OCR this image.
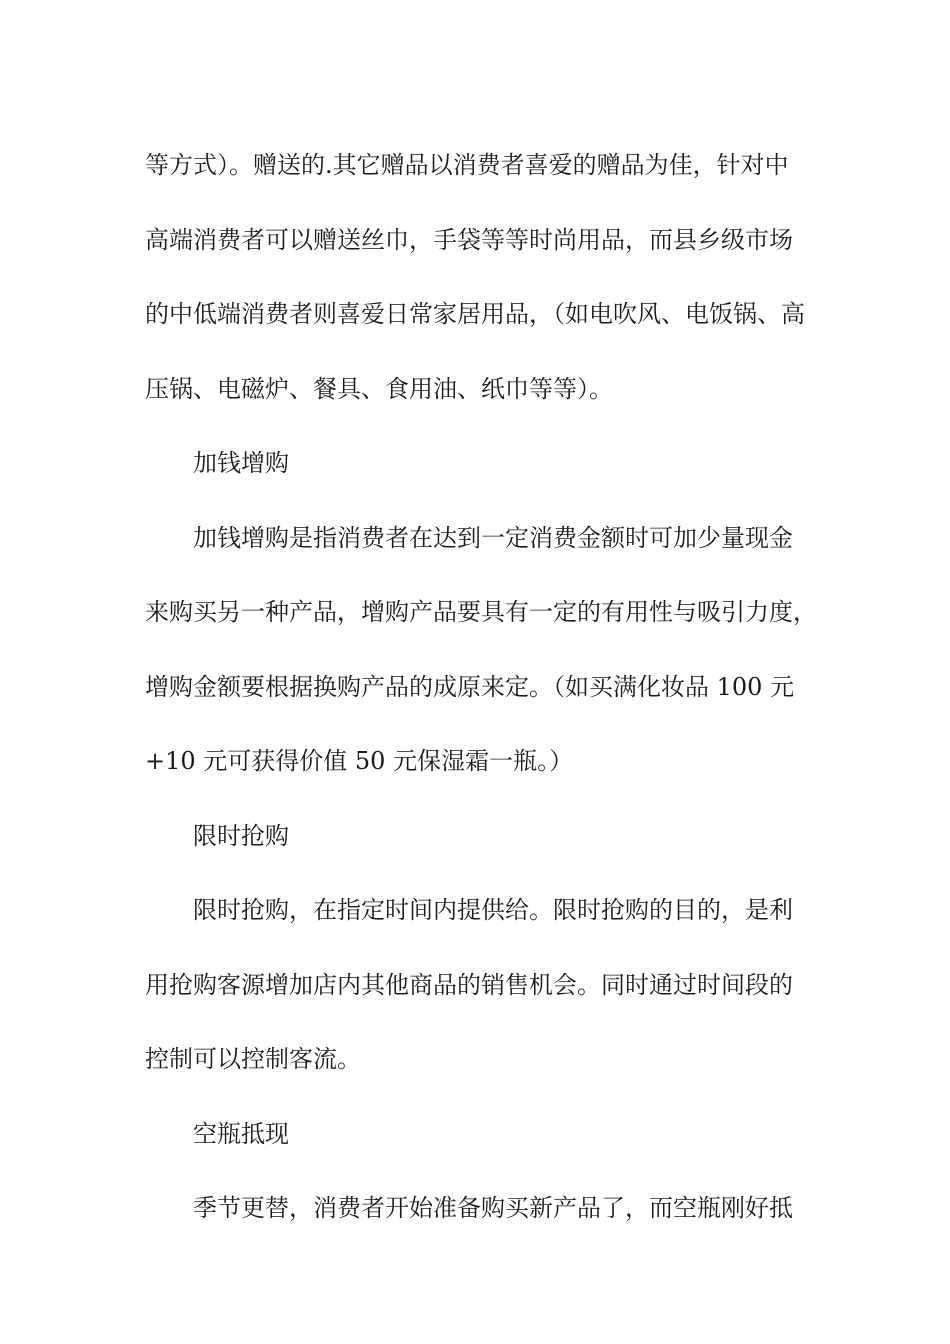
等方式）。赠送的.其它赠品以消费者喜爱的赠品为佳，针对中
高端消费者可以赠送丝巾，手袋等等时尚用品，而县乡级市场
的中低端消费者则喜爱日常家居用品，（如电吹风、电饭锅、高
压锅、电磁炉、餐具、食用油、纸巾等等）。
加钱增购
加钱增购是指消费者在达到一定消费金额时可加少量现金
来购买另一种产品，增购产品要具有一定的有用性与吸引力度，
增购金额要根据换购产品的成原来定。（如买满化妆品 100 元
+10 元可获得价值 50 元保湿霜一瓶。）
限时抢购
限时抢购，在指定时间内提供给。限时抢购的目的，是利
用抢购客源增加店内其他商品的销售机会。同时通过时间段的
控制可以控制客流。
空瓶抵现
季节更替，消费者开始准备购买新产品了，而空瓶刚好抵
